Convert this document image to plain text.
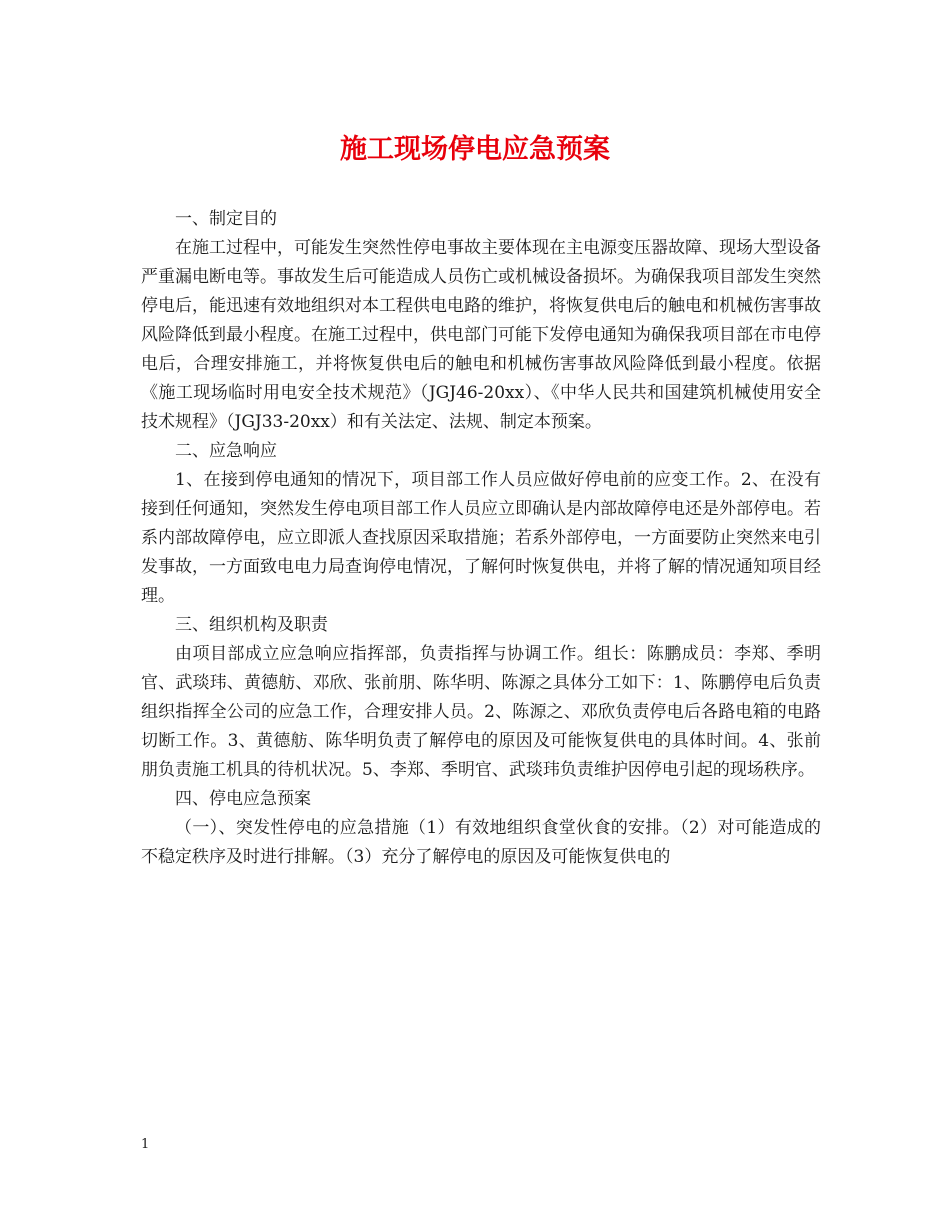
施工现场停电应急预案

一、制定目的

在施工过程中，可能发生突然性停电事故主要体现在主电源变压器故障、现场大型设备严重漏电断电等。事故发生后可能造成人员伤亡或机械设备损坏。为确保我项目部发生突然停电后，能迅速有效地组织对本工程供电电路的维护，将恢复供电后的触电和机械伤害事故风险降低到最小程度。在施工过程中，供电部门可能下发停电通知为确保我项目部在市电停电后，合理安排施工，并将恢复供电后的触电和机械伤害事故风险降低到最小程度。依据《施工现场临时用电安全技术规范》（JGJ46-20xx）、《中华人民共和国建筑机械使用安全技术规程》（JGJ33-20xx）和有关法定、法规、制定本预案。

二、应急响应

1、在接到停电通知的情况下，项目部工作人员应做好停电前的应变工作。2、在没有接到任何通知，突然发生停电项目部工作人员应立即确认是内部故障停电还是外部停电。若系内部故障停电，应立即派人查找原因采取措施；若系外部停电，一方面要防止突然来电引发事故，一方面致电电力局查询停电情况，了解何时恢复供电，并将了解的情况通知项目经理。

三、组织机构及职责

由项目部成立应急响应指挥部，负责指挥与协调工作。组长：陈鹏成员：李郑、季明官、武琰玮、黄德舫、邓欣、张前朋、陈华明、陈源之具体分工如下：1、陈鹏停电后负责组织指挥全公司的应急工作，合理安排人员。2、陈源之、邓欣负责停电后各路电箱的电路切断工作。3、黄德舫、陈华明负责了解停电的原因及可能恢复供电的具体时间。4、张前朋负责施工机具的待机状况。5、李郑、季明官、武琰玮负责维护因停电引起的现场秩序。

四、停电应急预案

（一）、突发性停电的应急措施（1）有效地组织食堂伙食的安排。（2）对可能造成的不稳定秩序及时进行排解。（3）充分了解停电的原因及可能恢复供电的

1
